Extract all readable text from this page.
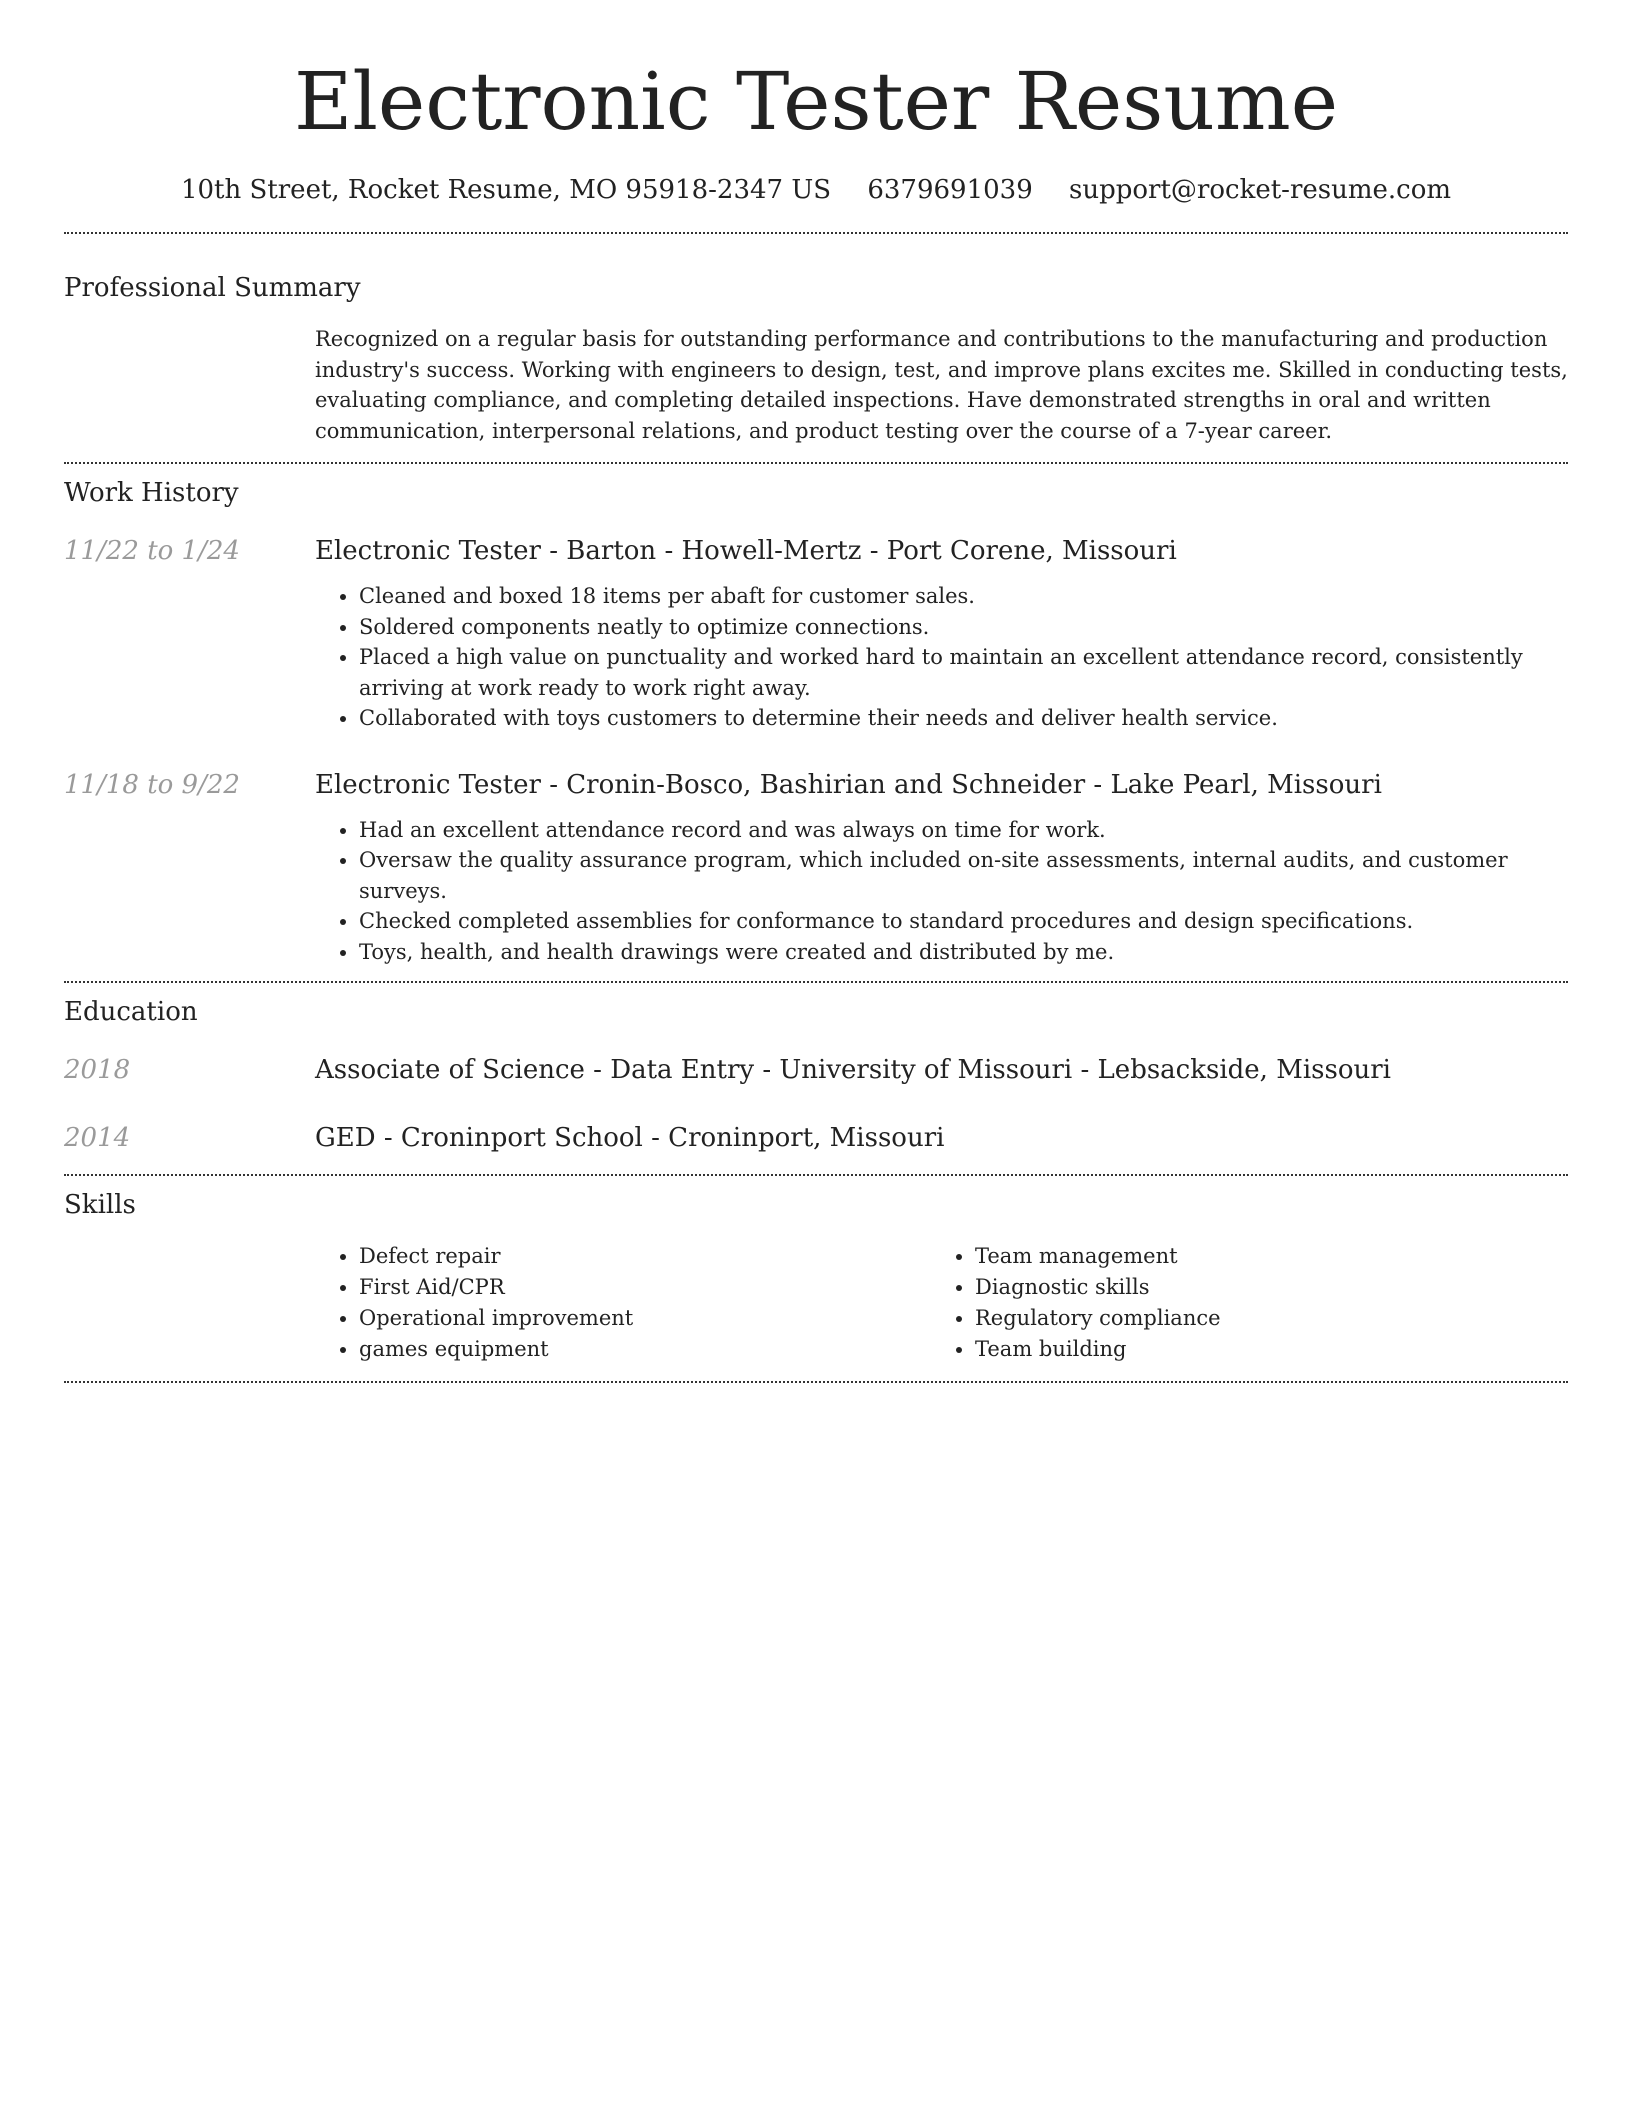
Electronic Tester Resume
10th Street, Rocket Resume, MO 95918-2347 US 6379691039 support@rocket-resume.com
Professional Summary

Recognized on a regular basis for outstanding performance and contributions to the manufacturing and production industry's success. Working with engineers to design, test, and improve plans excites me. Skilled in conducting tests, evaluating compliance, and completing detailed inspections. Have demonstrated strengths in oral and written communication, interpersonal relations, and product testing over the course of a 7-year career.

Work History
11/22 to 1/24	Electronic Tester - Barton - Howell-Mertz - Port Corene, Missouri
• Cleaned and boxed 18 items per abaft for customer sales.
• Soldered components neatly to optimize connections.
• Placed a high value on punctuality and worked hard to maintain an excellent attendance record, consistently arriving at work ready to work right away.
• Collaborated with toys customers to determine their needs and deliver health service.
11/18 to 9/22	Electronic Tester - Cronin-Bosco, Bashirian and Schneider - Lake Pearl, Missouri
• Had an excellent attendance record and was always on time for work.
• Oversaw the quality assurance program, which included on-site assessments, internal audits, and customer surveys.
• Checked completed assemblies for conformance to standard procedures and design specifications.
• Toys, health, and health drawings were created and distributed by me.
Education
2018	Associate of Science - Data Entry - University of Missouri - Lebsackside, Missouri
2014	GED - Croninport School - Croninport, Missouri
Skills
• Defect repair
• First Aid/CPR
• Operational improvement
• games equipment
• Team management
• Diagnostic skills
• Regulatory compliance
• Team building
